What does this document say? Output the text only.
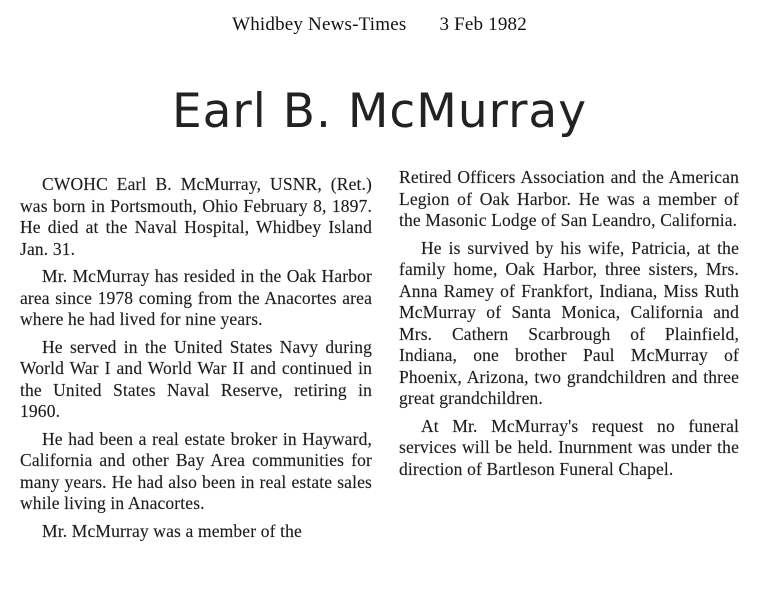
Whidbey News-Times 3 Feb 1982
Earl B. McMurray

CWOHC Earl B. McMurray, USNR, (Ret.) was born in Portsmouth, Ohio February 8, 1897. He died at the Naval Hospital, Whidbey Island Jan. 31.

Mr. McMurray has resided in the Oak Harbor area since 1978 coming from the Anacortes area where he had lived for nine years.

He served in the United States Navy during World War I and World War II and continued in the United States Naval Reserve, retiring in 1960.

He had been a real estate broker in Hayward, California and other Bay Area communities for many years. He had also been in real estate sales while living in Anacortes.

Mr. McMurray was a member of the

Retired Officers Association and the American Legion of Oak Harbor. He was a member of the Masonic Lodge of San Leandro, California.

He is survived by his wife, Patricia, at the family home, Oak Harbor, three sisters, Mrs. Anna Ramey of Frankfort, Indiana, Miss Ruth McMurray of Santa Monica, California and Mrs. Cathern Scarbrough of Plainfield, Indiana, one brother Paul McMurray of Phoenix, Arizona, two grandchildren and three great grandchildren.

At Mr. McMurray's request no funeral services will be held. Inurnment was under the direction of Bartleson Funeral Chapel.
